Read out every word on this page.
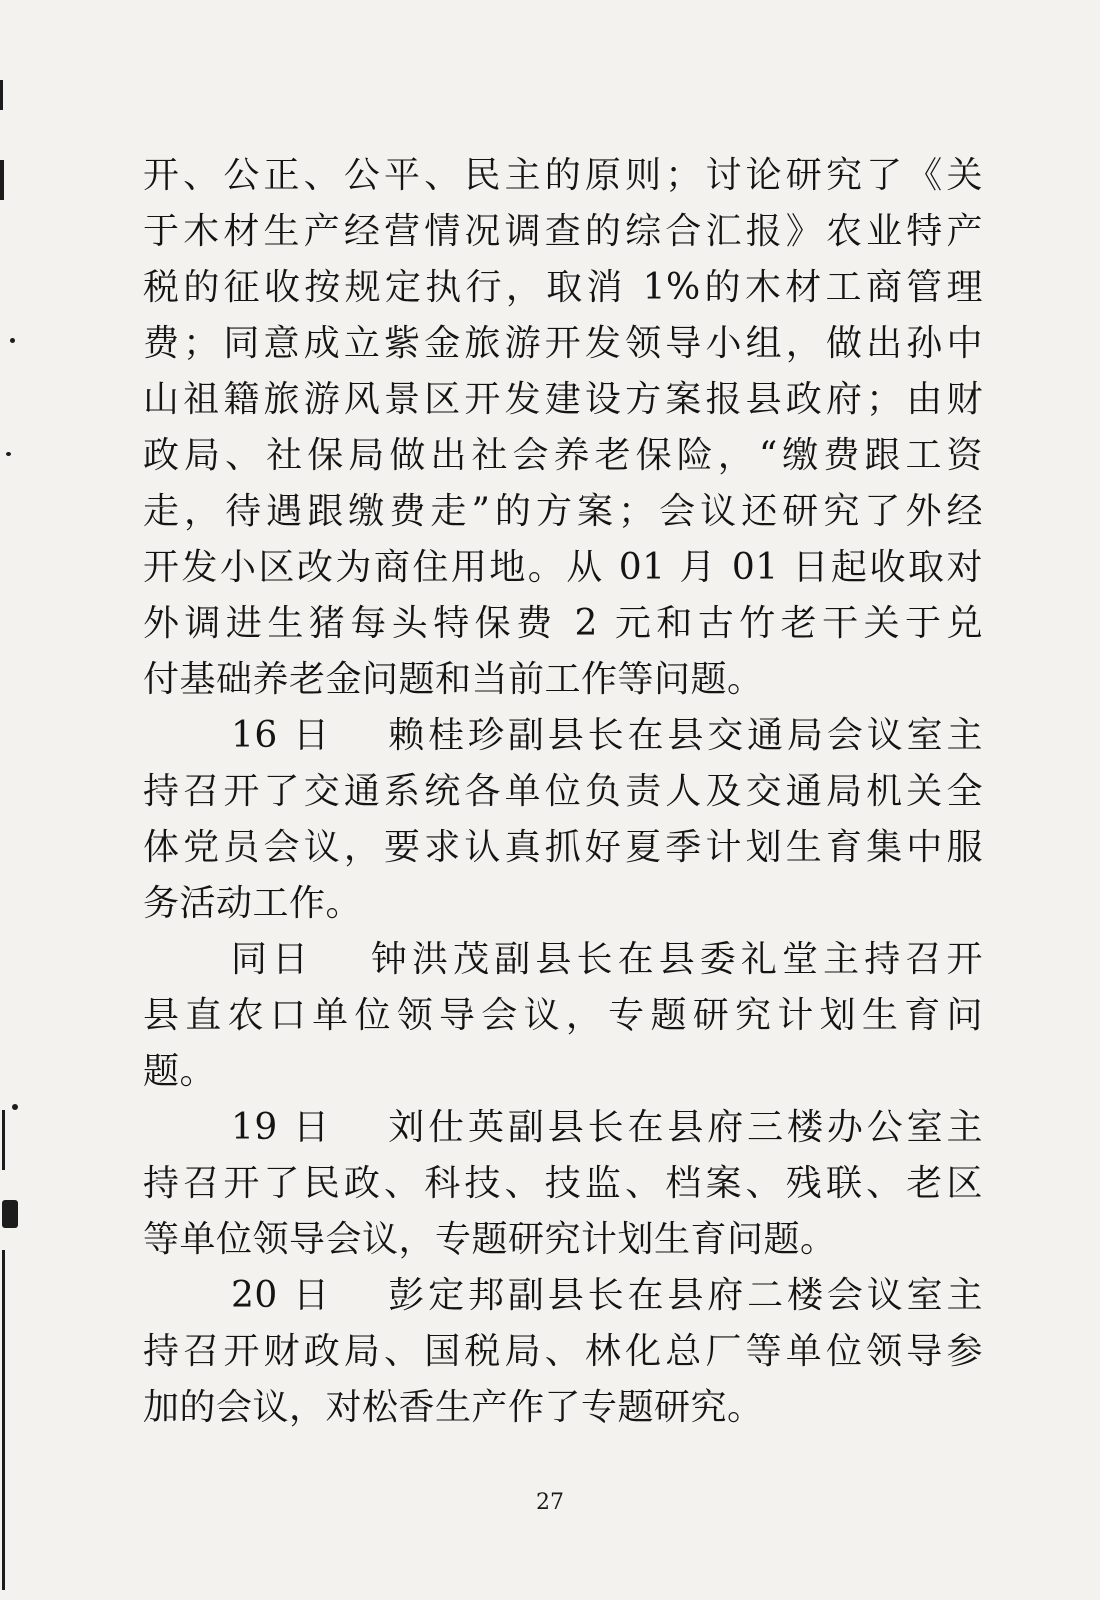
开、公正、公平、民主的原则；讨论研究了《关
于木材生产经营情况调查的综合汇报》农业特产
税的征收按规定执行，取消 1%的木材工商管理
费；同意成立紫金旅游开发领导小组，做出孙中
山祖籍旅游风景区开发建设方案报县政府；由财
政局、社保局做出社会养老保险，“缴费跟工资
走，待遇跟缴费走”的方案；会议还研究了外经
开发小区改为商住用地。从 01 月 01 日起收取对
外调进生猪每头特保费 2 元和古竹老干关于兑
付基础养老金问题和当前工作等问题。
16 日　 赖桂珍副县长在县交通局会议室主
持召开了交通系统各单位负责人及交通局机关全
体党员会议，要求认真抓好夏季计划生育集中服
务活动工作。
同日　 钟洪茂副县长在县委礼堂主持召开
县直农口单位领导会议，专题研究计划生育问
题。
19 日　 刘仕英副县长在县府三楼办公室主
持召开了民政、科技、技监、档案、残联、老区
等单位领导会议，专题研究计划生育问题。
20 日　 彭定邦副县长在县府二楼会议室主
持召开财政局、国税局、林化总厂等单位领导参
加的会议，对松香生产作了专题研究。
27
